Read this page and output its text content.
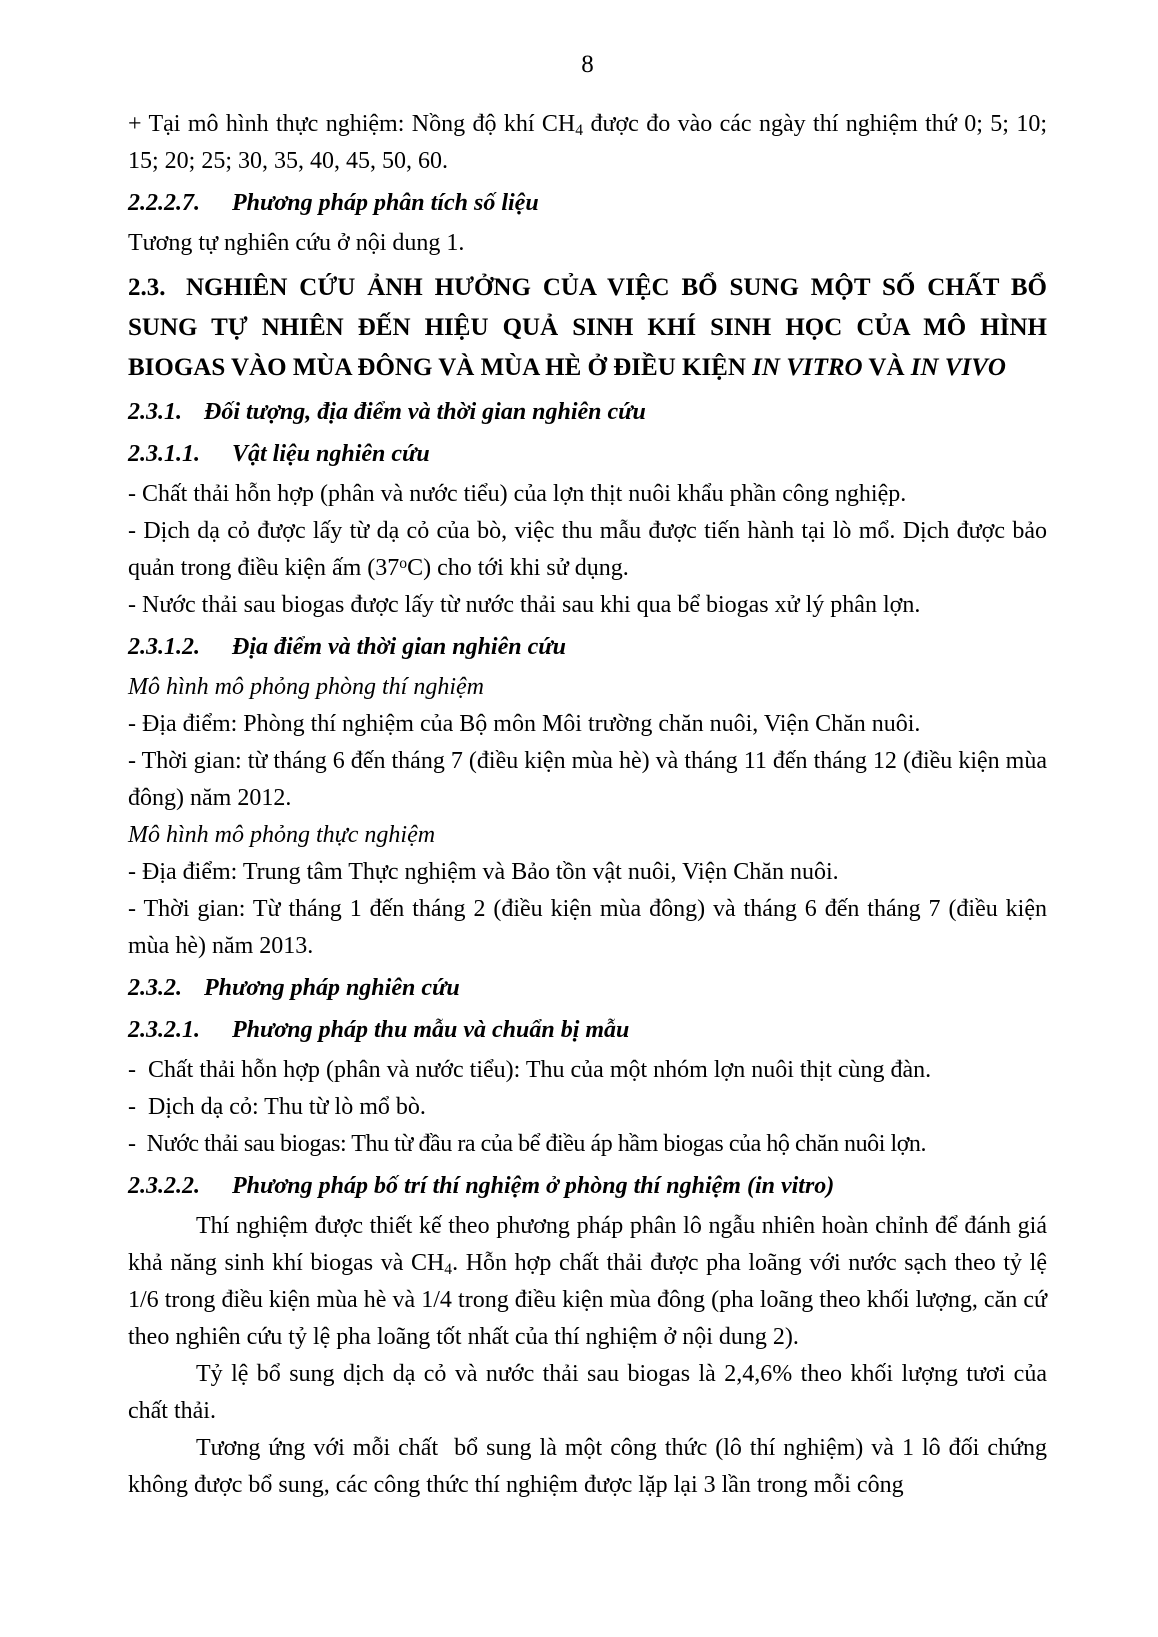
8
+ Tại mô hình thực nghiệm: Nồng độ khí $CH_4$ được đo vào các ngày thí nghiệm thứ 0; 5; 10; 15; 20; 25; 30, 35, 40, 45, 50, 60.
2.2.2.7.Phương pháp phân tích số liệu
Tương tự nghiên cứu ở nội dung 1.
2.3.NGHIÊN CỨU ẢNH HƯỞNG CỦA VIỆC BỔ SUNG MỘT SỐ CHẤT BỔ SUNG TỰ NHIÊN ĐẾN HIỆU QUẢ SINH KHÍ SINH HỌC CỦA MÔ HÌNH BIOGAS VÀO MÙA ĐÔNG VÀ MÙA HÈ Ở ĐIỀU KIỆN IN VITRO VÀ IN VIVO
2.3.1.Đối tượng, địa điểm và thời gian nghiên cứu
2.3.1.1.Vật liệu nghiên cứu
- Chất thải hỗn hợp (phân và nước tiểu) của lợn thịt nuôi khẩu phần công nghiệp.
- Dịch dạ cỏ được lấy từ dạ cỏ của bò, việc thu mẫu được tiến hành tại lò mổ. Dịch được bảo quản trong điều kiện ấm (37$^o$C) cho tới khi sử dụng.
- Nước thải sau biogas được lấy từ nước thải sau khi qua bể biogas xử lý phân lợn.
2.3.1.2.Địa điểm và thời gian nghiên cứu
Mô hình mô phỏng phòng thí nghiệm
- Địa điểm: Phòng thí nghiệm của Bộ môn Môi trường chăn nuôi, Viện Chăn nuôi.
- Thời gian: từ tháng 6 đến tháng 7 (điều kiện mùa hè) và tháng 11 đến tháng 12 (điều kiện mùa đông) năm 2012.
Mô hình mô phỏng thực nghiệm
- Địa điểm: Trung tâm Thực nghiệm và Bảo tồn vật nuôi, Viện Chăn nuôi.
- Thời gian: Từ tháng 1 đến tháng 2 (điều kiện mùa đông) và tháng 6 đến tháng 7 (điều kiện mùa hè) năm 2013.
2.3.2.Phương pháp nghiên cứu
2.3.2.1.Phương pháp thu mẫu và chuẩn bị mẫu
-  Chất thải hỗn hợp (phân và nước tiểu): Thu của một nhóm lợn nuôi thịt cùng đàn.
-  Dịch dạ cỏ: Thu từ lò mổ bò.
-  Nước thải sau biogas: Thu từ đầu ra của bể điều áp hầm biogas của hộ chăn nuôi lợn.
2.3.2.2.Phương pháp bố trí thí nghiệm ở phòng thí nghiệm (in vitro)
Thí nghiệm được thiết kế theo phương pháp phân lô ngẫu nhiên hoàn chỉnh để đánh giá khả năng sinh khí biogas và $CH_4$. Hỗn hợp chất thải được pha loãng với nước sạch theo tỷ lệ 1/6 trong điều kiện mùa hè và 1/4 trong điều kiện mùa đông (pha loãng theo khối lượng, căn cứ theo nghiên cứu tỷ lệ pha loãng tốt nhất của thí nghiệm ở nội dung 2).
Tỷ lệ bổ sung dịch dạ cỏ và nước thải sau biogas là 2,4,6% theo khối lượng tươi của chất thải.
Tương ứng với mỗi chất  bổ sung là một công thức (lô thí nghiệm) và 1 lô đối chứng không được bổ sung, các công thức thí nghiệm được lặp lại 3 lần trong mỗi công
